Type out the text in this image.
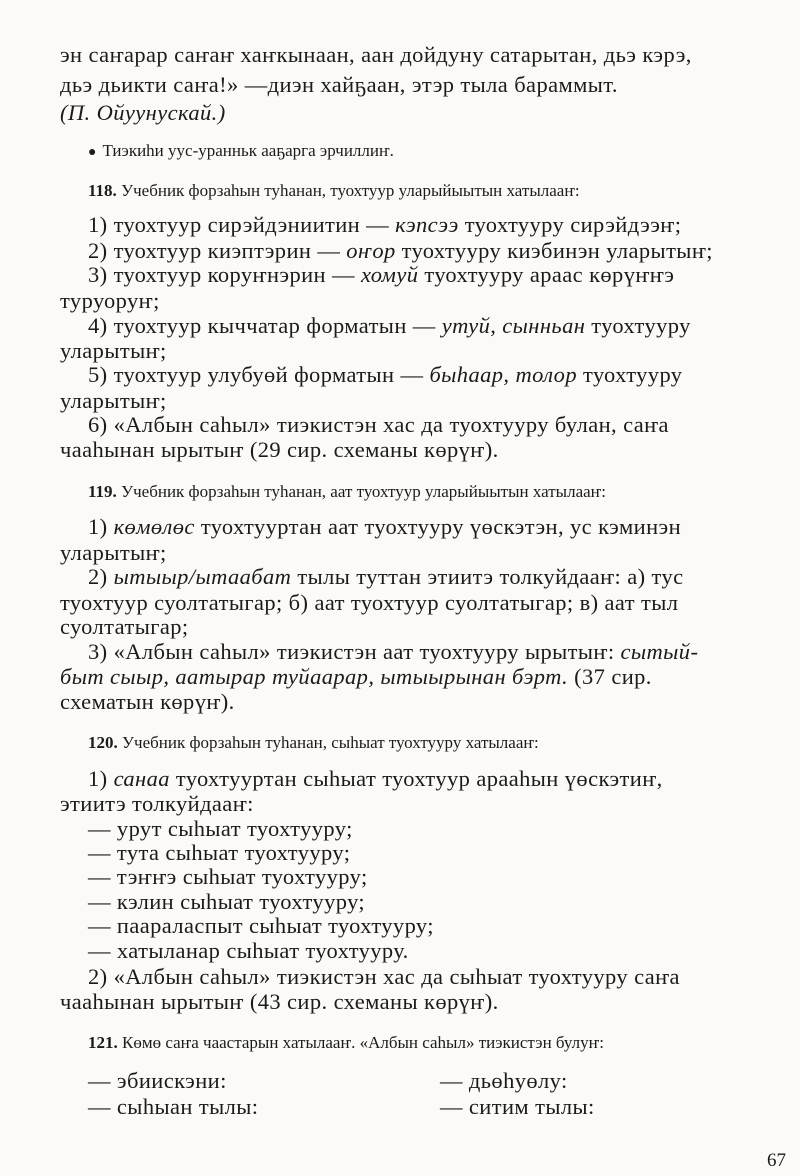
эн саҥарар саҥаҥ хаҥкынаан, аан дойдуну сатарытан, дьэ кэрэ,
дьэ дьикти саҥа!» —диэн хайҕаан, этэр тыла бараммыт.
(П. Ойуунускай.)
● Тиэкиһи уус-уранньк ааҕарга эрчиллиҥ.
118. Учебник форзаһын туһанан, туохтуур уларыйыытын хатылааҥ:
1) туохтуур сирэйдэниитин — кэпсээ туохтууру сирэйдээҥ;
2) туохтуур киэптэрин — оҥор туохтууру киэбинэн уларытыҥ;
3) туохтуур коруҥнэрин — хомуй туохтууру араас көрүҥҥэ
туруоруҥ;
4) туохтуур кыччатар форматын — утуй, сынньан туохтууру
уларытыҥ;
5) туохтуур улубуөй форматын — быһаар, толор туохтууру
уларытыҥ;
6) «Албын саһыл» тиэкистэн хас да туохтууру булан, саҥа
чааһынан ырытыҥ (29 сир. схеманы көрүҥ).
119. Учебник форзаһын туһанан, аат туохтуур уларыйыытын хатылааҥ:
1) көмөлөс туохтууртан аат туохтууру үөскэтэн, ус кэминэн
уларытыҥ;
2) ытыыр/ытаабат тылы туттан этиитэ толкуйдааҥ: а) тус
туохтуур суолтатыгар; б) аат туохтуур суолтатыгар; в) аат тыл
суолтатыгар;
3) «Албын саһыл» тиэкистэн аат туохтууру ырытыҥ: сытый-
быт сыыр, аатырар туйаарар, ытыырынан бэрт. (37 сир.
схематын көрүҥ).
120. Учебник форзаһын туһанан, сыһыат туохтууру хатылааҥ:
1) санаа туохтууртан сыһыат туохтуур арааһын үөскэтиҥ,
этиитэ толкуйдааҥ:
— урут сыһыат туохтууру;
— тута сыһыат туохтууру;
— тэҥҥэ сыһыат туохтууру;
— кэлин сыһыат туохтууру;
— паараласпыт сыһыат туохтууру;
— хатыланар сыһыат туохтууру.
2) «Албын саһыл» тиэкистэн хас да сыһыат туохтууру саҥа
чааһынан ырытыҥ (43 сир. схеманы көрүҥ).
121. Көмө саҥа чаастарын хатылааҥ. «Албын саһыл» тиэкистэн булуҥ:
— эбиискэни:	— дьөһуөлу:
— сыһыан тылы:	— ситим тылы:
67
